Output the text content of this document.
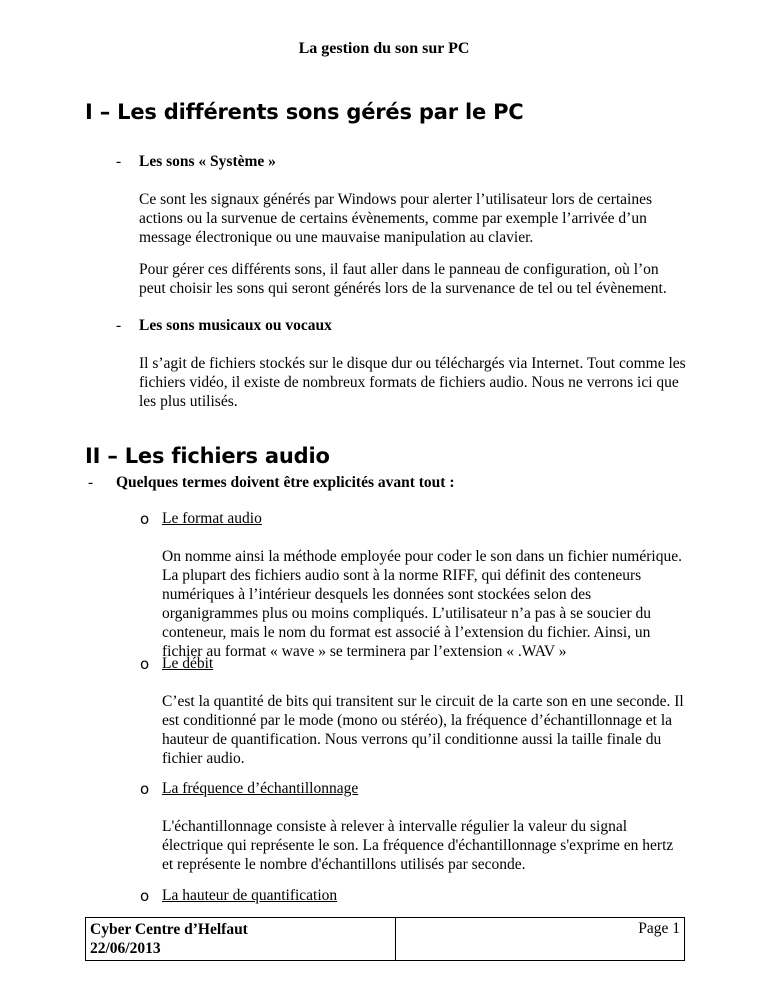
La gestion du son sur PC
I – Les différents sons gérés par le PC
- Les sons « Système »

Ce sont les signaux générés par Windows pour alerter l’utilisateur lors de certaines actions ou la survenue de certains évènements, comme par exemple l’arrivée d’un message électronique ou une mauvaise manipulation au clavier.

Pour gérer ces différents sons, il faut aller dans le panneau de configuration, où l’on peut choisir les sons qui seront générés lors de la survenance de tel ou tel évènement.

- Les sons musicaux ou vocaux

Il s’agit de fichiers stockés sur le disque dur ou téléchargés via Internet. Tout comme les fichiers vidéo, il existe de nombreux formats de fichiers audio. Nous ne verrons ici que les plus utilisés.

II – Les fichiers audio
- Quelques termes doivent être explicités avant tout :
o Le format audio

On nomme ainsi la méthode employée pour coder le son dans un fichier numérique. La plupart des fichiers audio sont à la norme RIFF, qui définit des conteneurs numériques à l’intérieur desquels les données sont stockées selon des organigrammes plus ou moins compliqués. L’utilisateur n’a pas à se soucier du conteneur, mais le nom du format est associé à l’extension du fichier. Ainsi, un fichier au format « wave » se terminera par l’extension « .WAV »

o Le débit

C’est la quantité de bits qui transitent sur le circuit de la carte son en une seconde. Il est conditionné par le mode (mono ou stéréo), la fréquence d’échantillonnage et la hauteur de quantification. Nous verrons qu’il conditionne aussi la taille finale du fichier audio.

o La fréquence d’échantillonnage

L'échantillonnage consiste à relever à intervalle régulier la valeur du signal électrique qui représente le son. La fréquence d'échantillonnage s'exprime en hertz et représente le nombre d'échantillons utilisés par seconde.

o La hauteur de quantification
Cyber Centre d’Helfaut
22/06/2013
Page 1
